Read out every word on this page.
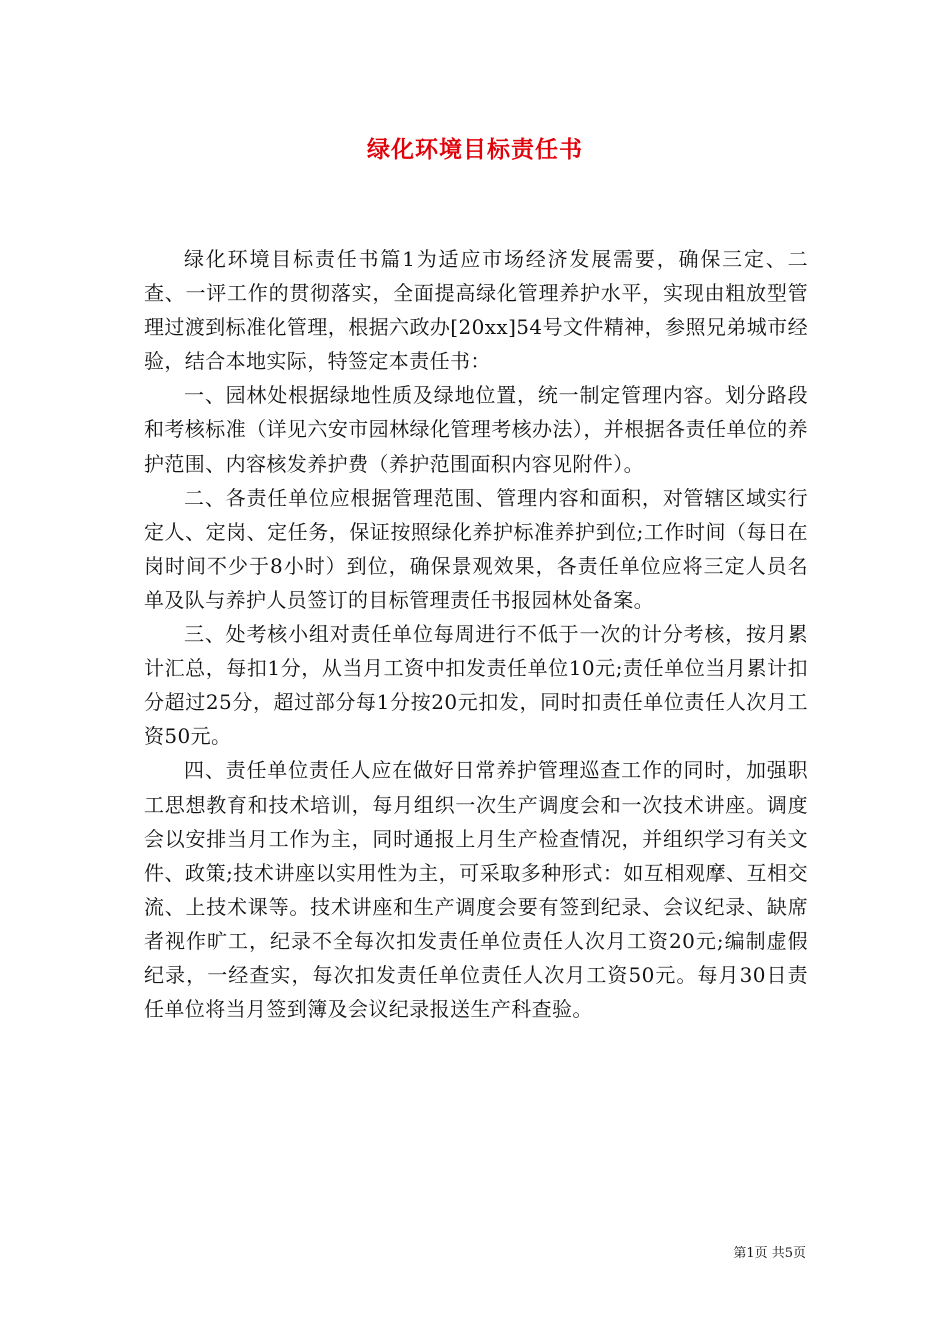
绿化环境目标责任书

绿化环境目标责任书篇1为适应市场经济发展需要，确保三定、二查、一评工作的贯彻落实，全面提高绿化管理养护水平，实现由粗放型管理过渡到标准化管理，根据六政办[20xx]54号文件精神，参照兄弟城市经验，结合本地实际，特签定本责任书：

一、园林处根据绿地性质及绿地位置，统一制定管理内容。划分路段和考核标准（详见六安市园林绿化管理考核办法），并根据各责任单位的养护范围、内容核发养护费（养护范围面积内容见附件）。

二、各责任单位应根据管理范围、管理内容和面积，对管辖区域实行定人、定岗、定任务，保证按照绿化养护标准养护到位;工作时间（每日在岗时间不少于8小时）到位，确保景观效果，各责任单位应将三定人员名单及队与养护人员签订的目标管理责任书报园林处备案。

三、处考核小组对责任单位每周进行不低于一次的计分考核，按月累计汇总，每扣1分，从当月工资中扣发责任单位10元;责任单位当月累计扣分超过25分，超过部分每1分按20元扣发，同时扣责任单位责任人次月工资50元。

四、责任单位责任人应在做好日常养护管理巡查工作的同时，加强职工思想教育和技术培训，每月组织一次生产调度会和一次技术讲座。调度会以安排当月工作为主，同时通报上月生产检查情况，并组织学习有关文件、政策;技术讲座以实用性为主，可采取多种形式：如互相观摩、互相交流、上技术课等。技术讲座和生产调度会要有签到纪录、会议纪录、缺席者视作旷工，纪录不全每次扣发责任单位责任人次月工资20元;编制虚假纪录，一经查实，每次扣发责任单位责任人次月工资50元。每月30日责任单位将当月签到簿及会议纪录报送生产科查验。

第1页 共5页
